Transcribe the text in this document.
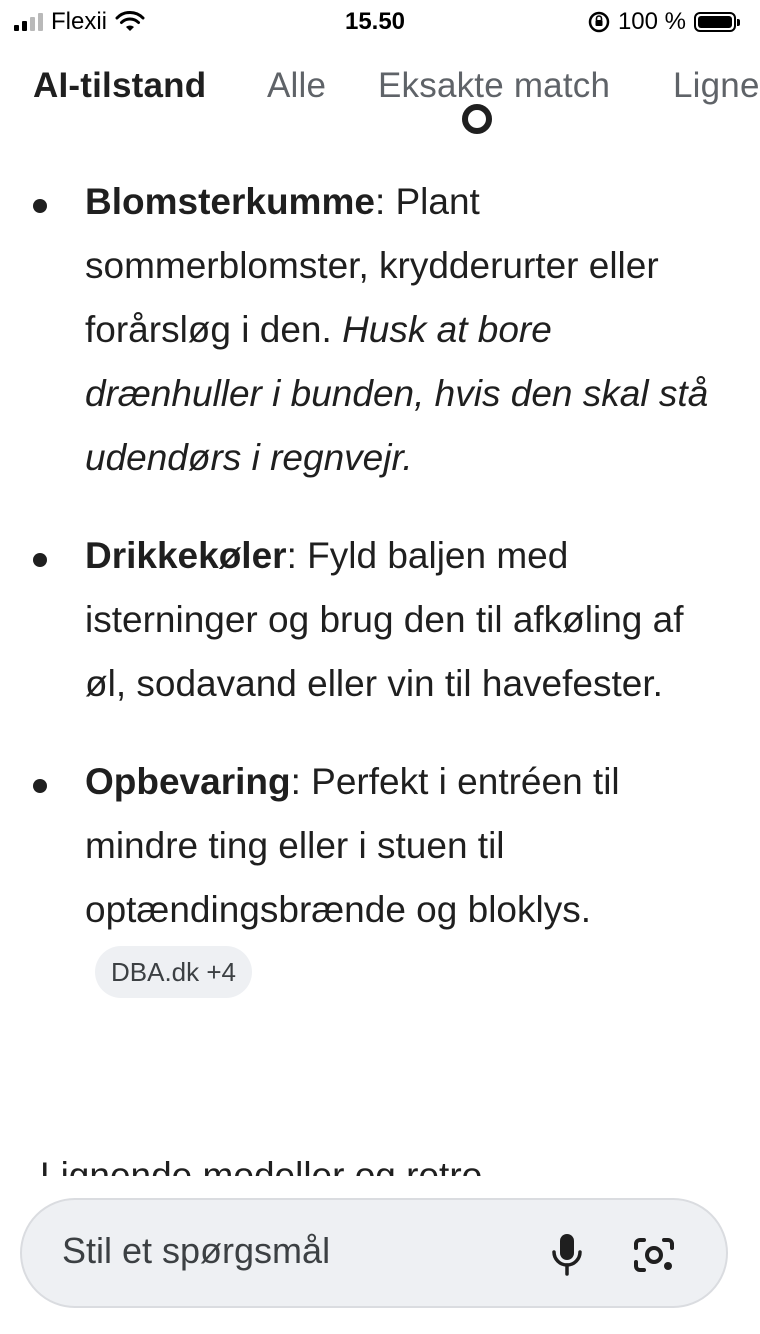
Flexii	15.50	100 %
AI-tilstand Alle Eksakte match Ligne
Blomsterkumme: Plant sommerblomster, krydderurter eller forårsløg i den. Husk at bore drænhuller i bunden, hvis den skal stå udendørs i regnvejr.
Drikkekøler: Fyld baljen med isterninger og brug den til afkøling af øl, sodavand eller vin til havefester.
Opbevaring: Perfekt i entréen til mindre ting eller i stuen til optændingsbrænde og bloklys.DBA.dk +4
Stil et spørgsmål
